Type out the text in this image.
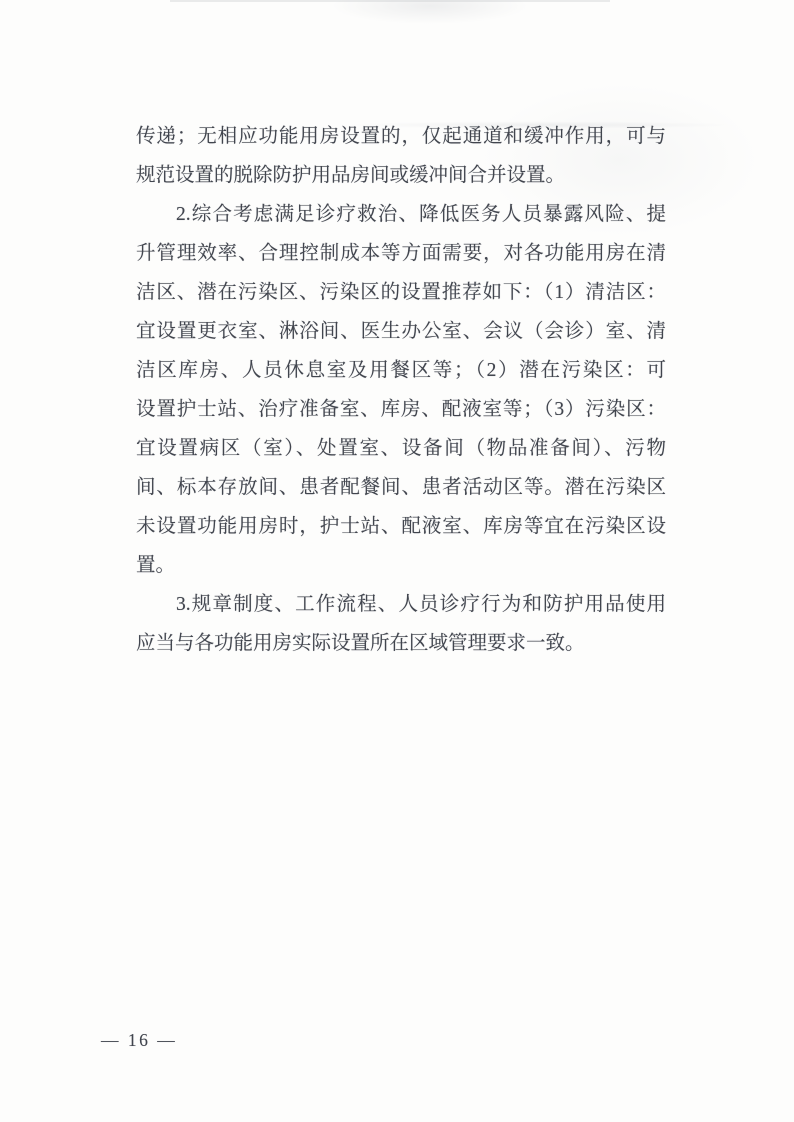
传递；无相应功能用房设置的，仅起通道和缓冲作用，可与
规范设置的脱除防护用品房间或缓冲间合并设置。
2.综合考虑满足诊疗救治、降低医务人员暴露风险、提
升管理效率、合理控制成本等方面需要，对各功能用房在清
洁区、潜在污染区、污染区的设置推荐如下：（1）清洁区：
宜设置更衣室、淋浴间、医生办公室、会议（会诊）室、清
洁区库房、人员休息室及用餐区等；（2）潜在污染区：可
设置护士站、治疗准备室、库房、配液室等；（3）污染区：
宜设置病区（室）、处置室、设备间（物品准备间）、污物
间、标本存放间、患者配餐间、患者活动区等。潜在污染区
未设置功能用房时，护士站、配液室、库房等宜在污染区设
置。
3.规章制度、工作流程、人员诊疗行为和防护用品使用
应当与各功能用房实际设置所在区域管理要求一致。
— 16 —
